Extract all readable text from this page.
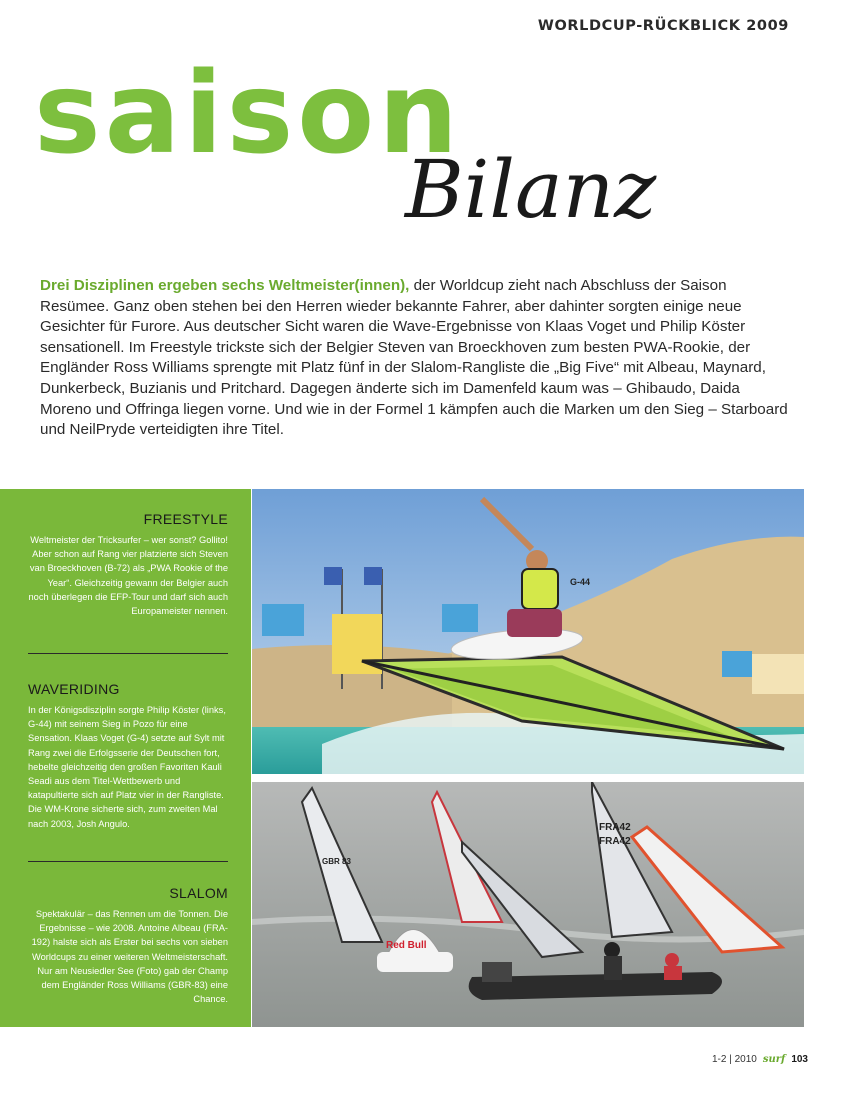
WORLDCUP-RÜCKBLICK 2009
saison
Bilanz

Drei Disziplinen ergeben sechs Weltmeister(innen), der Worldcup zieht nach Abschluss der Saison Resümee. Ganz oben stehen bei den Herren wieder bekannte Fahrer, aber dahinter sorgten einige neue Gesichter für Furore. Aus deutscher Sicht waren die Wave-Ergebnisse von Klaas Voget und Philip Köster sensationell. Im Freestyle trickste sich der Belgier Steven van Broeckhoven zum besten PWA-Rookie, der Engländer Ross Williams sprengte mit Platz fünf in der Slalom-Rangliste die „Big Five“ mit Albeau, Maynard, Dunkerbeck, Buzianis und Pritchard. Dagegen änderte sich im Damenfeld kaum was – Ghibaudo, Daida Moreno und Offringa liegen vorne. Und wie in der Formel 1 kämpfen auch die Marken um den Sieg – Starboard und NeilPryde verteidigten ihre Titel.

FREESTYLE

Weltmeister der Tricksurfer – wer sonst? Gollito! Aber schon auf Rang vier platzierte sich Steven van Broeckhoven (B-72) als „PWA Rookie of the Year“. Gleichzeitig gewann der Belgier auch noch überlegen die EFP-Tour und darf sich auch Europameister nennen.

WAVERIDING

In der Königsdisziplin sorgte Philip Köster (links, G-44) mit seinem Sieg in Pozo für eine Sensation. Klaas Voget (G-4) setzte auf Sylt mit Rang zwei die Erfolgsserie der Deutschen fort, hebelte gleichzeitig den großen Favoriten Kauli Seadi aus dem Titel-Wettbewerb und katapultierte sich auf Platz vier in der Rangliste. Die WM-Krone sicherte sich, zum zweiten Mal nach 2003, Josh Angulo.

SLALOM

Spektakulär – das Rennen um die Tonnen. Die Ergebnisse – wie 2008. Antoine Albeau (FRA-192) halste sich als Erster bei sechs von sieben Worldcups zu einer weiteren Weltmeisterschaft. Nur am Neusiedler See (Foto) gab der Champ dem Engländer Ross Williams (GBR-83) eine Chance.

G-44
FRA42
FRA42
GBR 83
Red Bull
1-2 | 2010 surf 103
